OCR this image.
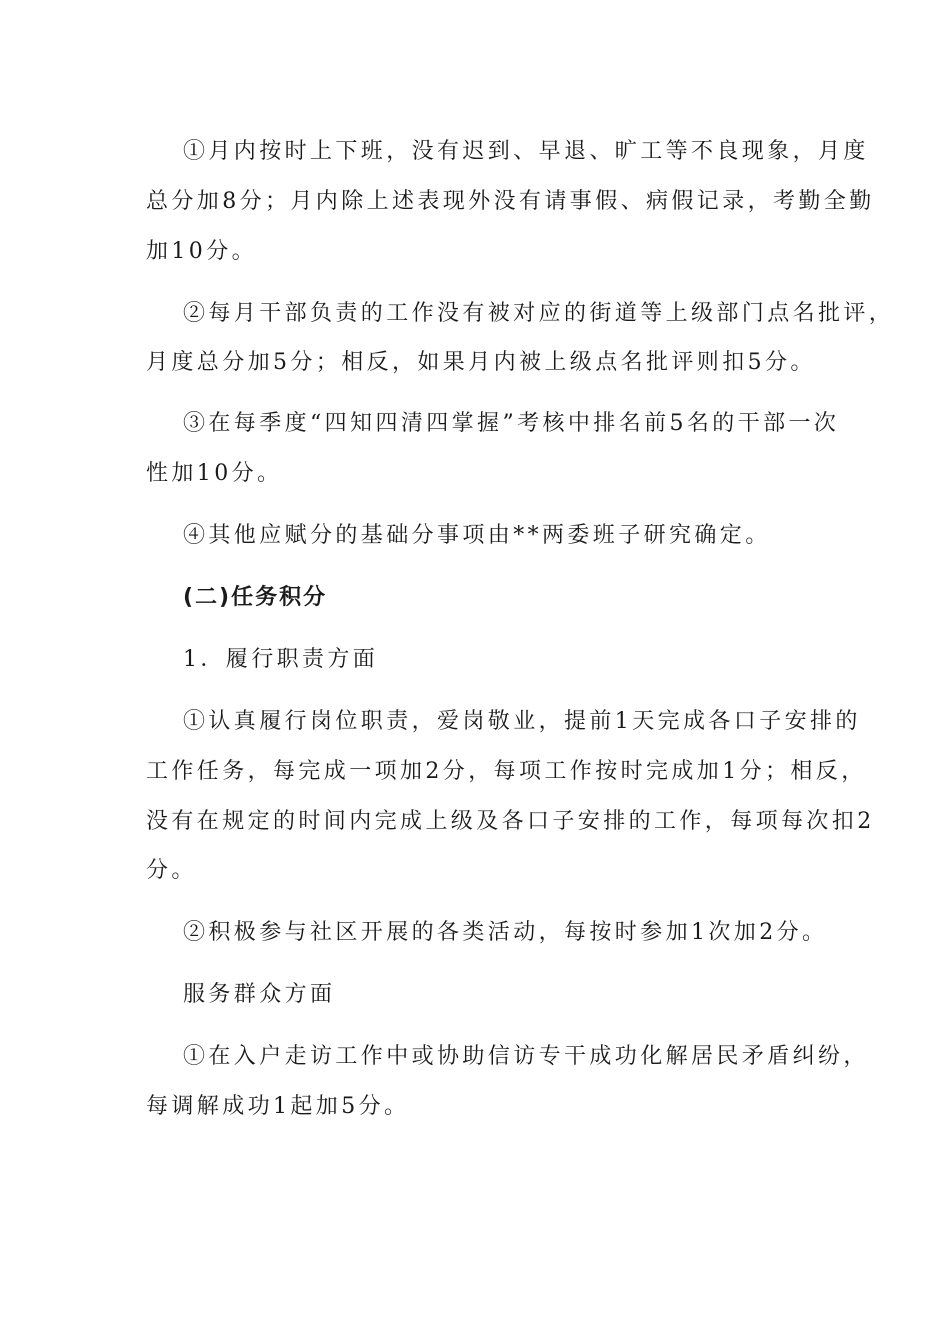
①月内按时上下班，没有迟到、早退、旷工等不良现象，月度
总分加8分；月内除上述表现外没有请事假、病假记录，考勤全勤
加10分。
②每月干部负责的工作没有被对应的街道等上级部门点名批评，
月度总分加5分；相反，如果月内被上级点名批评则扣5分。
③在每季度“四知四清四掌握”考核中排名前5名的干部一次
性加10分。
④其他应赋分的基础分事项由**两委班子研究确定。
(二)任务积分
1．履行职责方面
①认真履行岗位职责，爱岗敬业，提前1天完成各口子安排的
工作任务，每完成一项加2分，每项工作按时完成加1分；相反，
没有在规定的时间内完成上级及各口子安排的工作，每项每次扣2
分。
②积极参与社区开展的各类活动，每按时参加1次加2分。
服务群众方面
①在入户走访工作中或协助信访专干成功化解居民矛盾纠纷，
每调解成功1起加5分。
